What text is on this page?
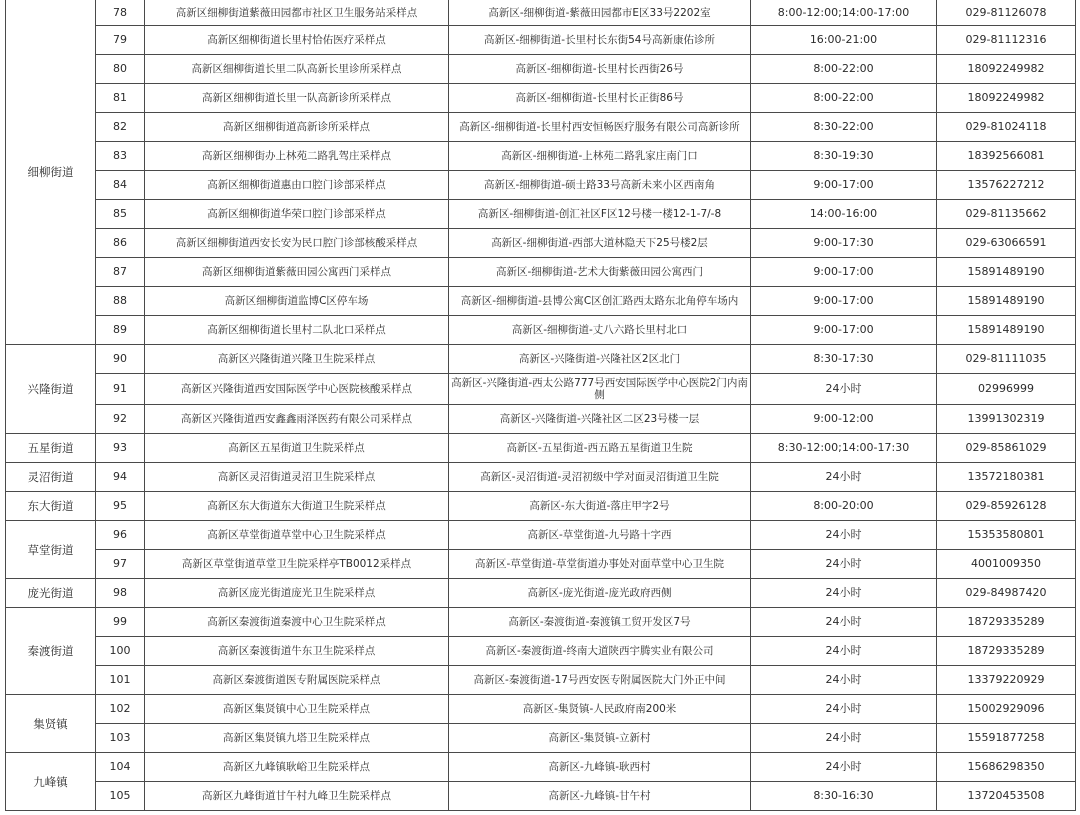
细柳街道	78	高新区细柳街道紫薇田园都市社区卫生服务站采样点	高新区-细柳街道-紫薇田园都市E区33号2202室	8:00-12:00;14:00-17:00	029-81126078
	79	高新区细柳街道长里村恰佑医疗采样点	高新区-细柳街道-长里村长东街54号高新康佑诊所	16:00-21:00	029-81112316
	80	高新区细柳街道长里二队高新长里诊所采样点	高新区-细柳街道-长里村长西街26号	8:00-22:00	18092249982
	81	高新区细柳街道长里一队高新诊所采样点	高新区-细柳街道-长里村长正街86号	8:00-22:00	18092249982
	82	高新区细柳街道高新诊所采样点	高新区-细柳街道-长里村西安恒畅医疗服务有限公司高新诊所	8:30-22:00	029-81024118
	83	高新区细柳街办上林苑二路乳驾庄采样点	高新区-细柳街道-上林苑二路乳家庄南门口	8:30-19:30	18392566081
	84	高新区细柳街道惠由口腔门诊部采样点	高新区-细柳街道-硕士路33号高新未来小区西南角	9:00-17:00	13576227212
	85	高新区细柳街道华荣口腔门诊部采样点	高新区-细柳街道-创汇社区F区12号楼一楼12-1-7/-8	14:00-16:00	029-81135662
	86	高新区细柳街道西安长安为民口腔门诊部核酸采样点	高新区-细柳街道-西部大道林隐天下25号楼2层	9:00-17:30	029-63066591
	87	高新区细柳街道紫薇田园公寓西门采样点	高新区-细柳街道-艺术大街紫薇田园公寓西门	9:00-17:00	15891489190
	88	高新区细柳街道监博C区停车场	高新区-细柳街道-县博公寓C区创汇路西太路东北角停车场内	9:00-17:00	15891489190
	89	高新区细柳街道长里村二队北口采样点	高新区-细柳街道-丈八六路长里村北口	9:00-17:00	15891489190
兴隆街道	90	高新区兴隆街道兴隆卫生院采样点	高新区-兴隆街道-兴隆社区2区北门	8:30-17:30	029-81111035
	91	高新区兴隆街道西安国际医学中心医院核酸采样点	高新区-兴隆街道-西太公路777号西安国际医学中心医院2门内南侧	24小时	02996999
	92	高新区兴隆街道西安鑫鑫雨泽医药有限公司采样点	高新区-兴隆街道-兴隆社区二区23号楼一层	9:00-12:00	13991302319
五星街道	93	高新区五星街道卫生院采样点	高新区-五星街道-西五路五星街道卫生院	8:30-12:00;14:00-17:30	029-85861029
灵沼街道	94	高新区灵沼街道灵沼卫生院采样点	高新区-灵沼街道-灵沼初级中学对面灵沼街道卫生院	24小时	13572180381
东大街道	95	高新区东大街道东大街道卫生院采样点	高新区-东大街道-落庄甲字2号	8:00-20:00	029-85926128
草堂街道	96	高新区草堂街道草堂中心卫生院采样点	高新区-草堂街道-九号路十字西	24小时	15353580801
	97	高新区草堂街道草堂卫生院采样亭TB0012采样点	高新区-草堂街道-草堂街道办事处对面草堂中心卫生院	24小时	4001009350
庞光街道	98	高新区庞光街道庞光卫生院采样点	高新区-庞光街道-庞光政府西侧	24小时	029-84987420
秦渡街道	99	高新区秦渡街道秦渡中心卫生院采样点	高新区-秦渡街道-秦渡镇工贸开发区7号	24小时	18729335289
	100	高新区秦渡街道牛东卫生院采样点	高新区-秦渡街道-终南大道陕西宇腾实业有限公司	24小时	18729335289
	101	高新区秦渡街道医专附属医院采样点	高新区-秦渡街道-17号西安医专附属医院大门外正中间	24小时	13379220929
集贤镇	102	高新区集贤镇中心卫生院采样点	高新区-集贤镇-人民政府南200米	24小时	15002929096
	103	高新区集贤镇九塔卫生院采样点	高新区-集贤镇-立新村	24小时	15591877258
九峰镇	104	高新区九峰镇耿峪卫生院采样点	高新区-九峰镇-耿西村	24小时	15686298350
	105	高新区九峰街道甘午村九峰卫生院采样点	高新区-九峰镇-甘午村	8:30-16:30	13720453508
